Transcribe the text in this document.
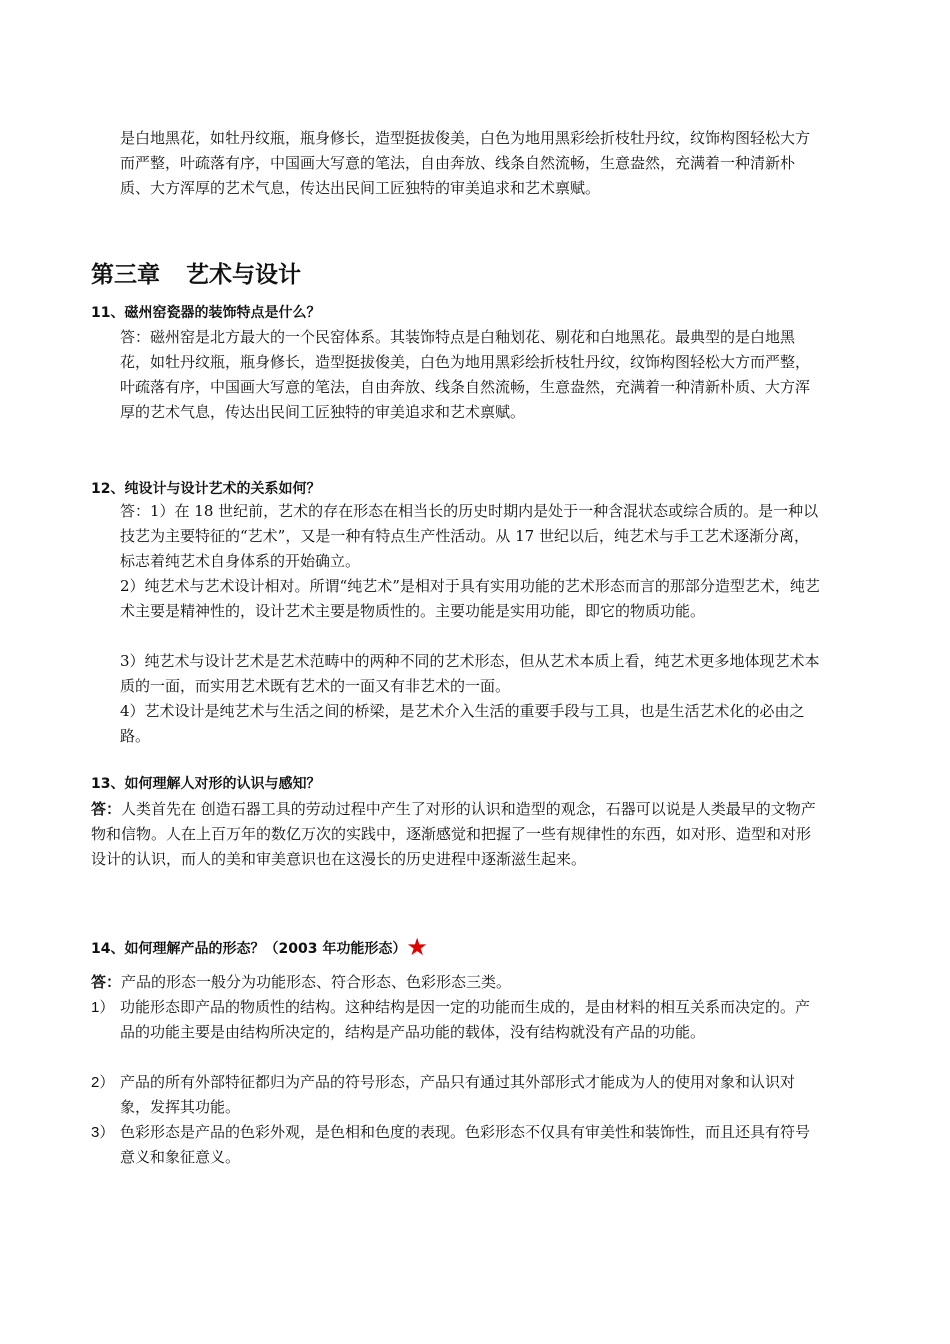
是白地黑花，如牡丹纹瓶，瓶身修长，造型挺拔俊美，白色为地用黑彩绘折枝牡丹纹，纹饰构图轻松大方而严整，叶疏落有序，中国画大写意的笔法，自由奔放、线条自然流畅，生意盎然，充满着一种清新朴质、大方浑厚的艺术气息，传达出民间工匠独特的审美追求和艺术禀赋。

第三章 艺术与设计

11、磁州窑瓷器的装饰特点是什么？

答：磁州窑是北方最大的一个民窑体系。其装饰特点是白釉划花、剔花和白地黑花。最典型的是白地黑花，如牡丹纹瓶，瓶身修长，造型挺拔俊美，白色为地用黑彩绘折枝牡丹纹，纹饰构图轻松大方而严整，叶疏落有序，中国画大写意的笔法，自由奔放、线条自然流畅，生意盎然，充满着一种清新朴质、大方浑厚的艺术气息，传达出民间工匠独特的审美追求和艺术禀赋。

12、纯设计与设计艺术的关系如何？

答：1）在 18 世纪前，艺术的存在形态在相当长的历史时期内是处于一种含混状态或综合质的。是一种以技艺为主要特征的“艺术”，又是一种有特点生产性活动。从 17 世纪以后，纯艺术与手工艺术逐渐分离，标志着纯艺术自身体系的开始确立。

2）纯艺术与艺术设计相对。所谓“纯艺术”是相对于具有实用功能的艺术形态而言的那部分造型艺术，纯艺术主要是精神性的，设计艺术主要是物质性的。主要功能是实用功能，即它的物质功能。

3）纯艺术与设计艺术是艺术范畴中的两种不同的艺术形态，但从艺术本质上看，纯艺术更多地体现艺术本质的一面，而实用艺术既有艺术的一面又有非艺术的一面。

4）艺术设计是纯艺术与生活之间的桥梁，是艺术介入生活的重要手段与工具，也是生活艺术化的必由之路。

13、如何理解人对形的认识与感知？

答：人类首先在 创造石器工具的劳动过程中产生了对形的认识和造型的观念，石器可以说是人类最早的文物产物和信物。人在上百万年的数亿万次的实践中，逐渐感觉和把握了一些有规律性的东西，如对形、造型和对形设计的认识，而人的美和审美意识也在这漫长的历史进程中逐渐滋生起来。

14、如何理解产品的形态？（2003 年功能形态）★

答：产品的形态一般分为功能形态、符合形态、色彩形态三类。

1） 功能形态即产品的物质性的结构。这种结构是因一定的功能而生成的，是由材料的相互关系而决定的。产品的功能主要是由结构所决定的，结构是产品功能的载体，没有结构就没有产品的功能。
2） 产品的所有外部特征都归为产品的符号形态，产品只有通过其外部形式才能成为人的使用对象和认识对象，发挥其功能。
3） 色彩形态是产品的色彩外观，是色相和色度的表现。色彩形态不仅具有审美性和装饰性，而且还具有符号意义和象征意义。
